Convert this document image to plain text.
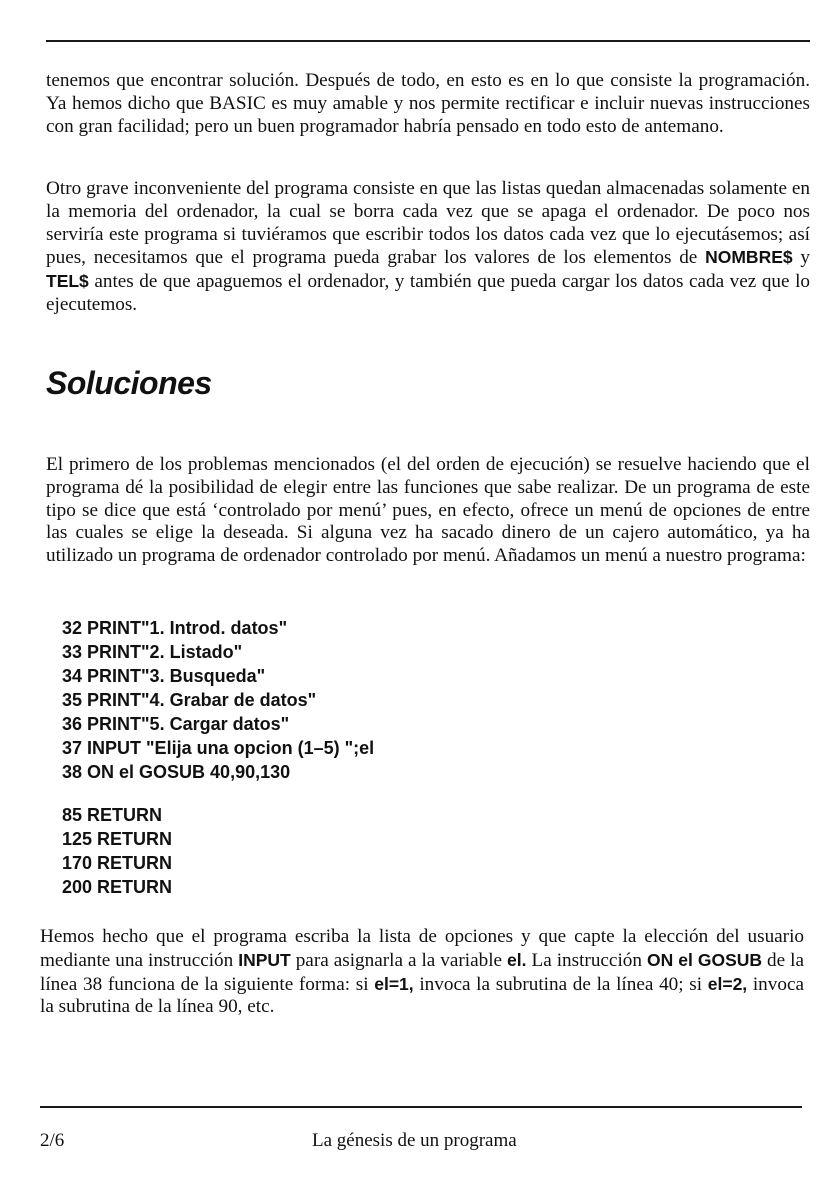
tenemos que encontrar solución. Después de todo, en esto es en lo que consiste la programación. Ya hemos dicho que BASIC es muy amable y nos permite rectificar e incluir nuevas instrucciones con gran facilidad; pero un buen programador habría pensado en todo esto de antemano.

Otro grave inconveniente del programa consiste en que las listas quedan almacenadas solamente en la memoria del ordenador, la cual se borra cada vez que se apaga el ordenador. De poco nos serviría este programa si tuviéramos que escribir todos los datos cada vez que lo ejecutásemos; así pues, necesitamos que el programa pueda grabar los valores de los elementos de NOMBRE$ y TEL$ antes de que apaguemos el ordenador, y también que pueda cargar los datos cada vez que lo ejecutemos.

Soluciones

El primero de los problemas mencionados (el del orden de ejecución) se resuelve haciendo que el programa dé la posibilidad de elegir entre las funciones que sabe realizar. De un programa de este tipo se dice que está ‘controlado por menú’ pues, en efecto, ofrece un menú de opciones de entre las cuales se elige la deseada. Si alguna vez ha sacado dinero de un cajero automático, ya ha utilizado un programa de ordenador controlado por menú. Añadamos un menú a nuestro programa:

32 PRINT"1. Introd. datos"
33 PRINT"2. Listado"
34 PRINT"3. Busqueda"
35 PRINT"4. Grabar de datos"
36 PRINT"5. Cargar datos"
37 INPUT "Elija una opcion (1–5) ";el
38 ON el GOSUB 40,90,130
85 RETURN
125 RETURN
170 RETURN
200 RETURN

Hemos hecho que el programa escriba la lista de opciones y que capte la elección del usuario mediante una instrucción INPUT para asignarla a la variable el. La instrucción ON el GOSUB de la línea 38 funciona de la siguiente forma: si el=1, invoca la subrutina de la línea 40; si el=2, invoca la subrutina de la línea 90, etc.

2/6	La génesis de un programa
